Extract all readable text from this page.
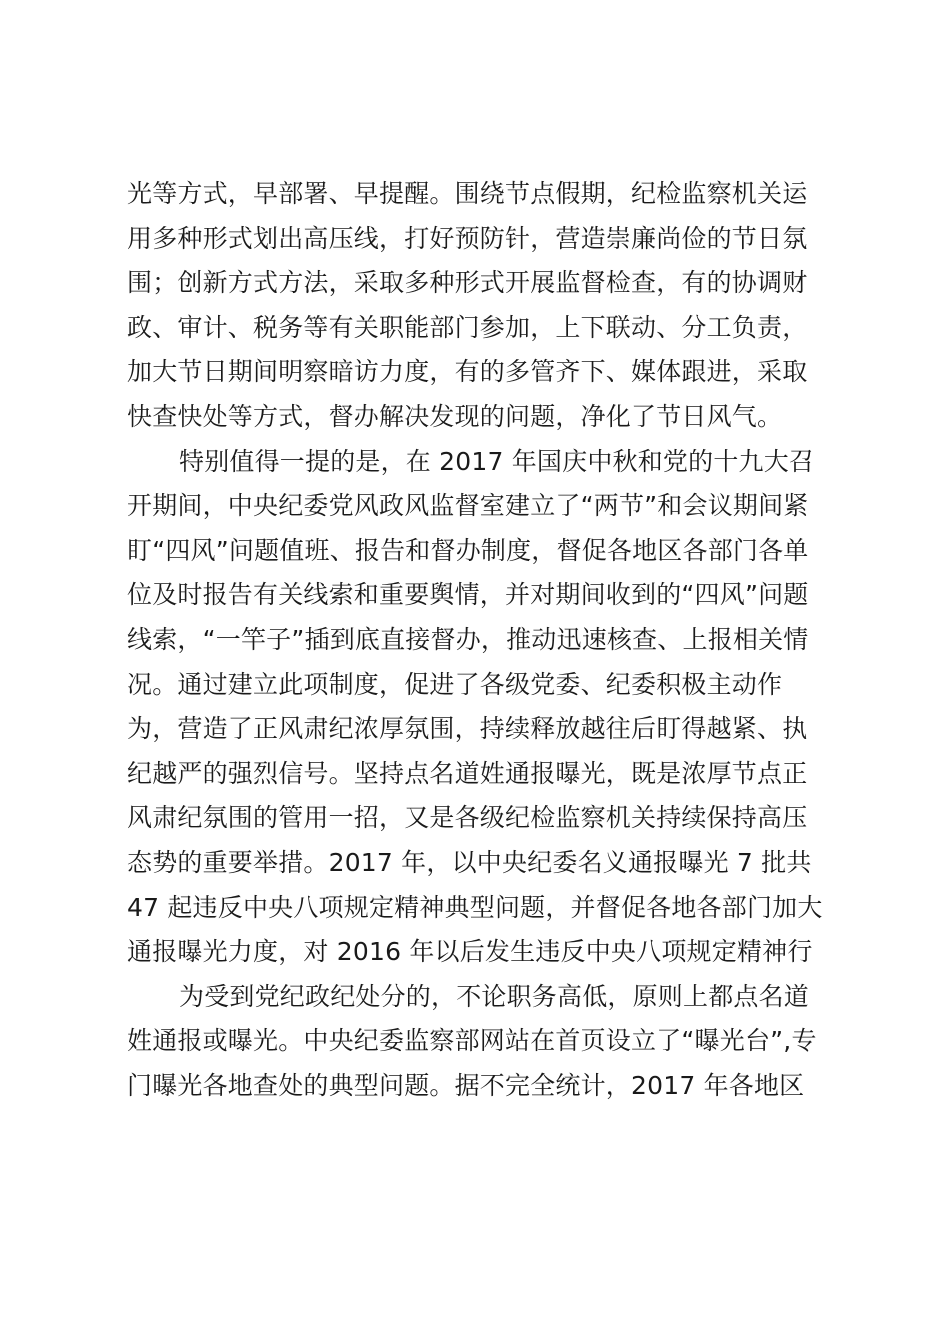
光等方式，早部署、早提醒。围绕节点假期，纪检监察机关运
用多种形式划出高压线，打好预防针，营造崇廉尚俭的节日氛
围；创新方式方法，采取多种形式开展监督检查，有的协调财
政、审计、税务等有关职能部门参加，上下联动、分工负责，
加大节日期间明察暗访力度，有的多管齐下、媒体跟进，采取
快查快处等方式，督办解决发现的问题，净化了节日风气。
特别值得一提的是，在 2017 年国庆中秋和党的十九大召
开期间，中央纪委党风政风监督室建立了“两节”和会议期间紧
盯“四风”问题值班、报告和督办制度，督促各地区各部门各单
位及时报告有关线索和重要舆情，并对期间收到的“四风”问题
线索，“一竿子”插到底直接督办，推动迅速核查、上报相关情
况。通过建立此项制度，促进了各级党委、纪委积极主动作
为，营造了正风肃纪浓厚氛围，持续释放越往后盯得越紧、执
纪越严的强烈信号。坚持点名道姓通报曝光，既是浓厚节点正
风肃纪氛围的管用一招，又是各级纪检监察机关持续保持高压
态势的重要举措。2017 年，以中央纪委名义通报曝光 7 批共
47 起违反中央八项规定精神典型问题，并督促各地各部门加大
通报曝光力度，对 2016 年以后发生违反中央八项规定精神行
为受到党纪政纪处分的，不论职务高低，原则上都点名道
姓通报或曝光。中央纪委监察部网站在首页设立了“曝光台”,专
门曝光各地查处的典型问题。据不完全统计，2017 年各地区
